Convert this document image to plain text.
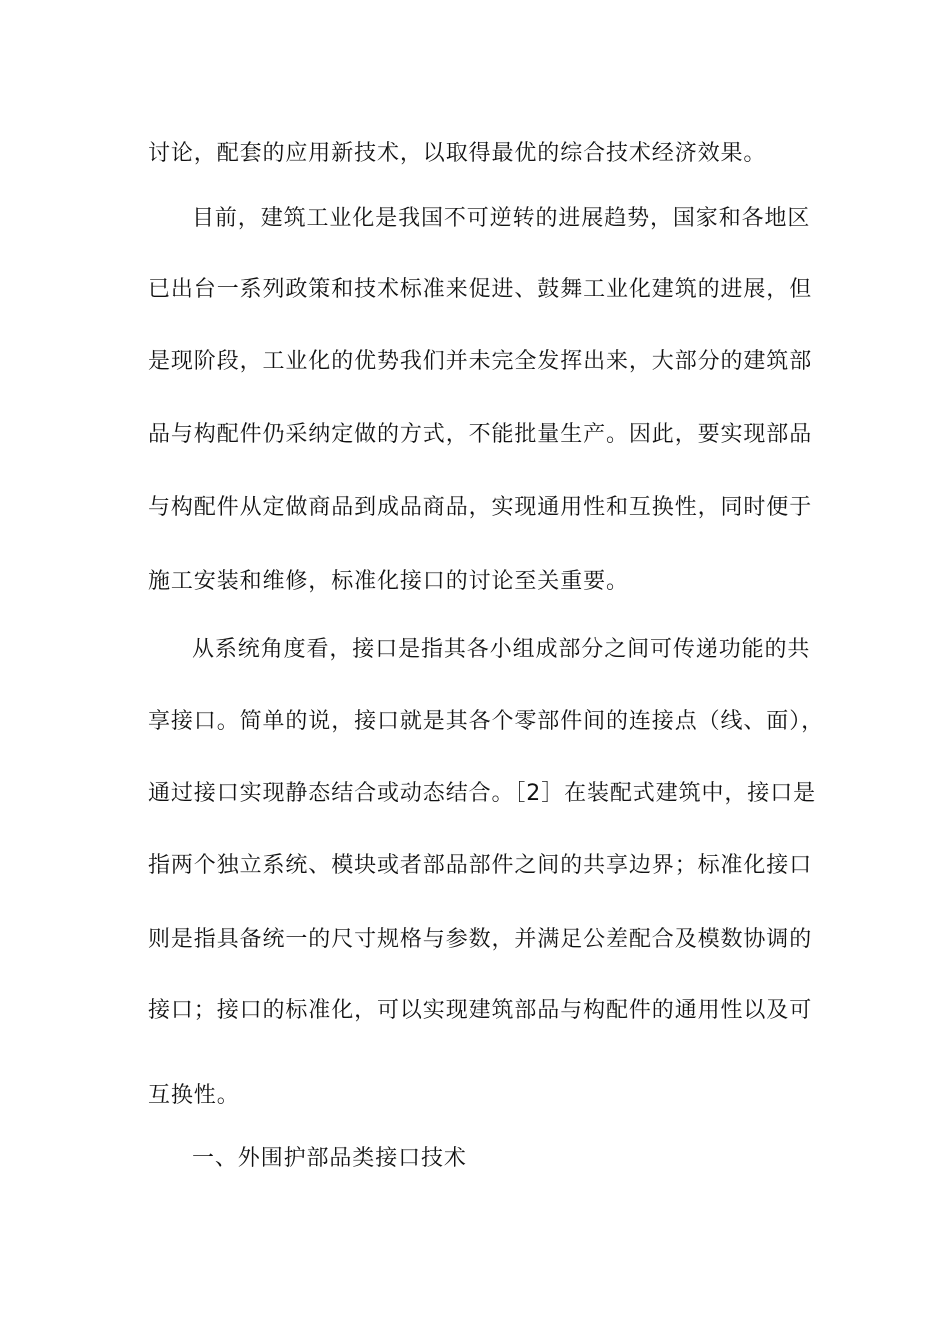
讨论，配套的应用新技术，以取得最优的综合技术经济效果。
目前，建筑工业化是我国不可逆转的进展趋势，国家和各地区
已出台一系列政策和技术标准来促进、鼓舞工业化建筑的进展，但
是现阶段，工业化的优势我们并未完全发挥出来，大部分的建筑部
品与构配件仍采纳定做的方式，不能批量生产。因此，要实现部品
与构配件从定做商品到成品商品，实现通用性和互换性，同时便于
施工安装和维修，标准化接口的讨论至关重要。
从系统角度看，接口是指其各小组成部分之间可传递功能的共
享接口。简单的说，接口就是其各个零部件间的连接点（线、面），
通过接口实现静态结合或动态结合。［2］在装配式建筑中，接口是
指两个独立系统、模块或者部品部件之间的共享边界；标准化接口
则是指具备统一的尺寸规格与参数，并满足公差配合及模数协调的
接口；接口的标准化，可以实现建筑部品与构配件的通用性以及可
互换性。
一、外围护部品类接口技术
